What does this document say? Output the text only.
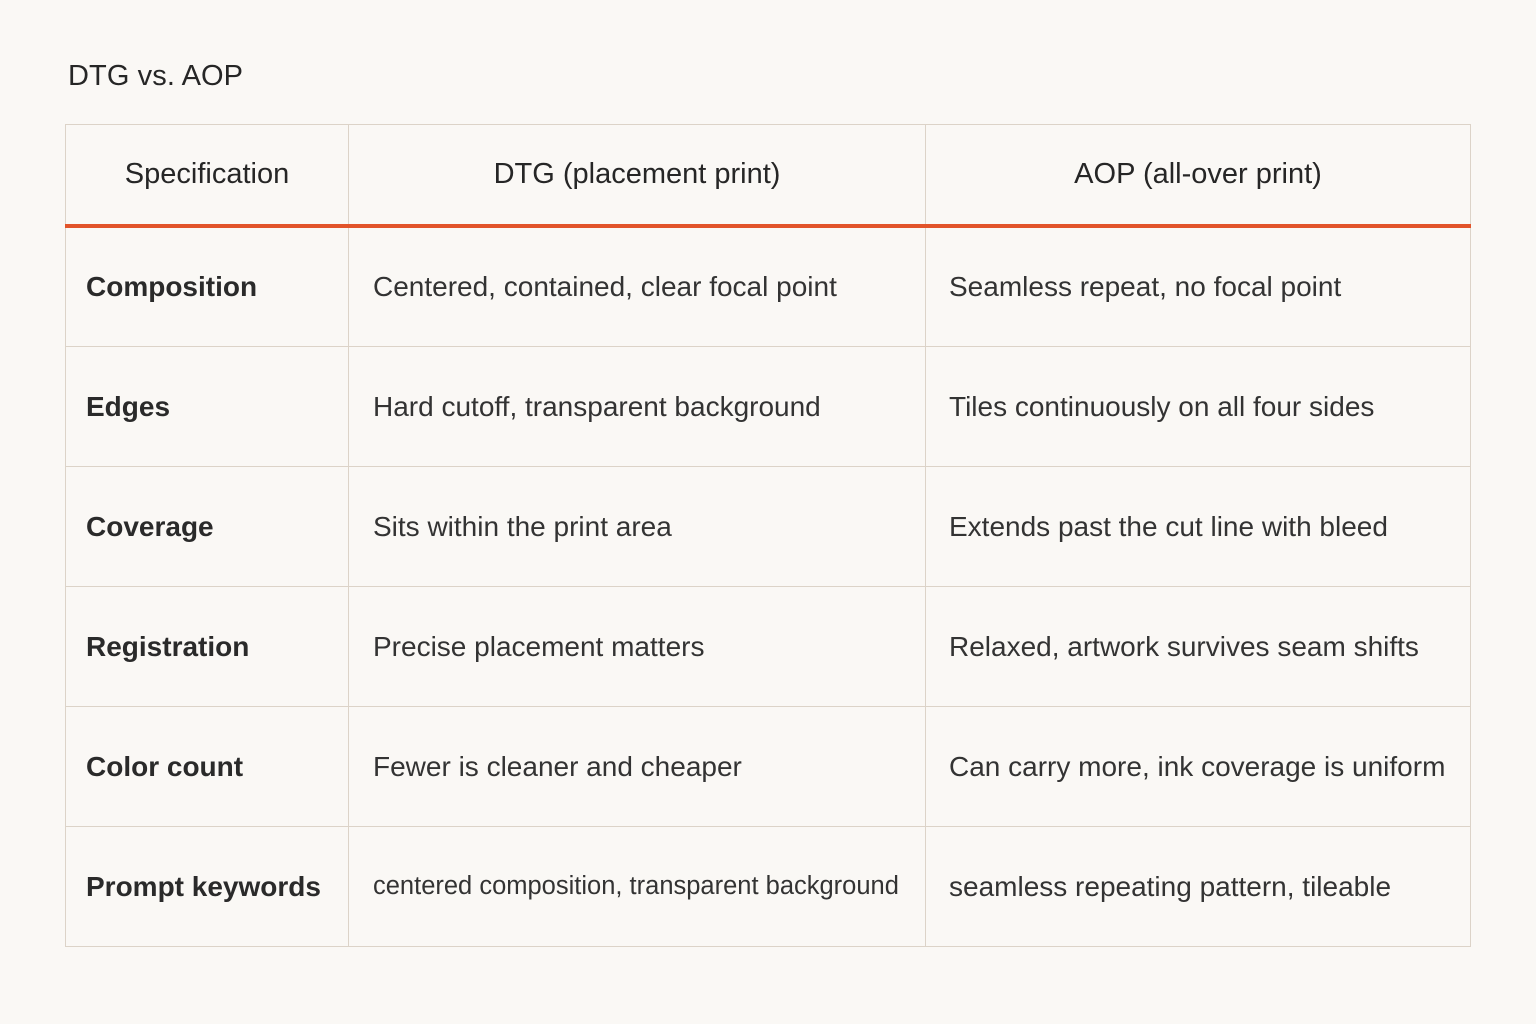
DTG vs. AOP
Specification	DTG (placement print)	AOP (all-over print)
Composition	Centered, contained, clear focal point	Seamless repeat, no focal point
Edges	Hard cutoff, transparent background	Tiles continuously on all four sides
Coverage	Sits within the print area	Extends past the cut line with bleed
Registration	Precise placement matters	Relaxed, artwork survives seam shifts
Color count	Fewer is cleaner and cheaper	Can carry more, ink coverage is uniform
Prompt keywords	centered composition, transparent background	seamless repeating pattern, tileable
